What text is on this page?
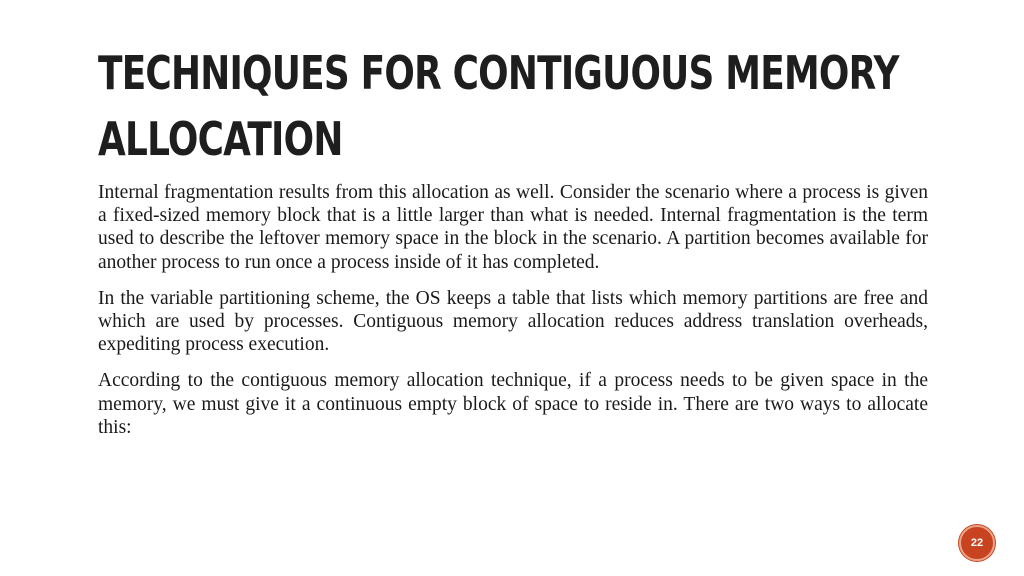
TECHNIQUES FOR CONTIGUOUS MEMORY ALLOCATION

Internal fragmentation results from this allocation as well. Consider the scenario where a process is given a fixed-sized memory block that is a little larger than what is needed. Internal fragmentation is the term used to describe the leftover memory space in the block in the scenario. A partition becomes available for another process to run once a process inside of it has completed.

In the variable partitioning scheme, the OS keeps a table that lists which memory partitions are free and which are used by processes. Contiguous memory allocation reduces address translation overheads, expediting process execution.

According to the contiguous memory allocation technique, if a process needs to be given space in the memory, we must give it a continuous empty block of space to reside in. There are two ways to allocate this:

22
